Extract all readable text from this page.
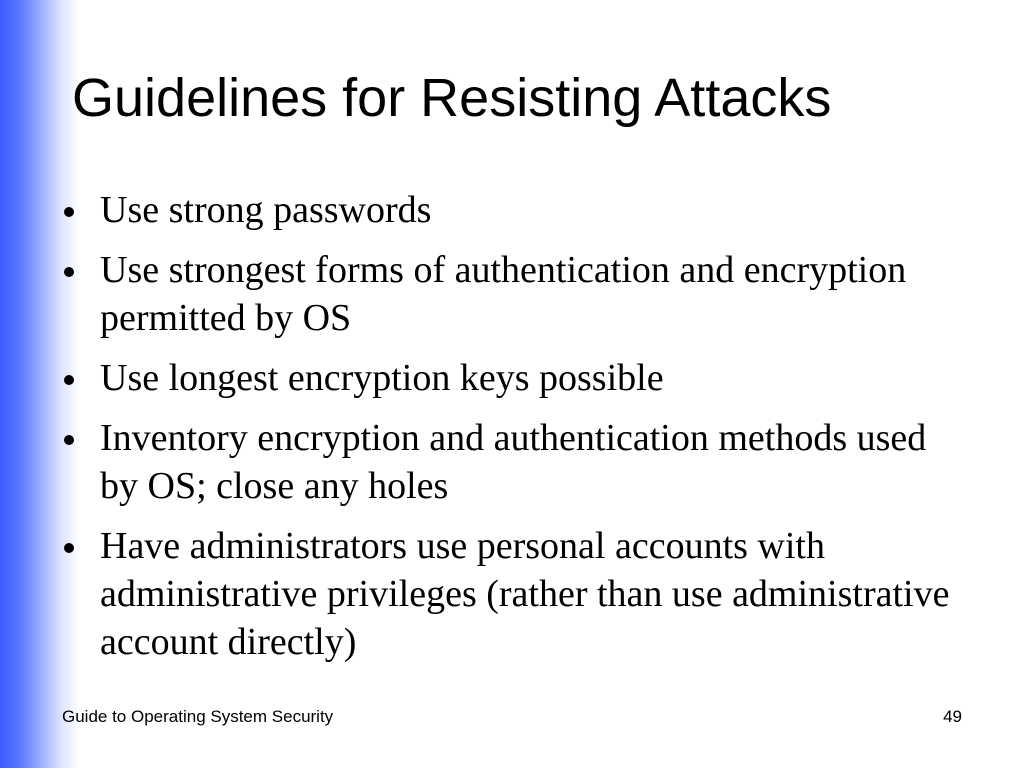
Guidelines for Resisting Attacks
Use strong passwords
Use strongest forms of authentication and encryption permitted by OS
Use longest encryption keys possible
Inventory encryption and authentication methods used by OS; close any holes
Have administrators use personal accounts with administrative privileges (rather than use administrative account directly)
Guide to Operating System Security	49
